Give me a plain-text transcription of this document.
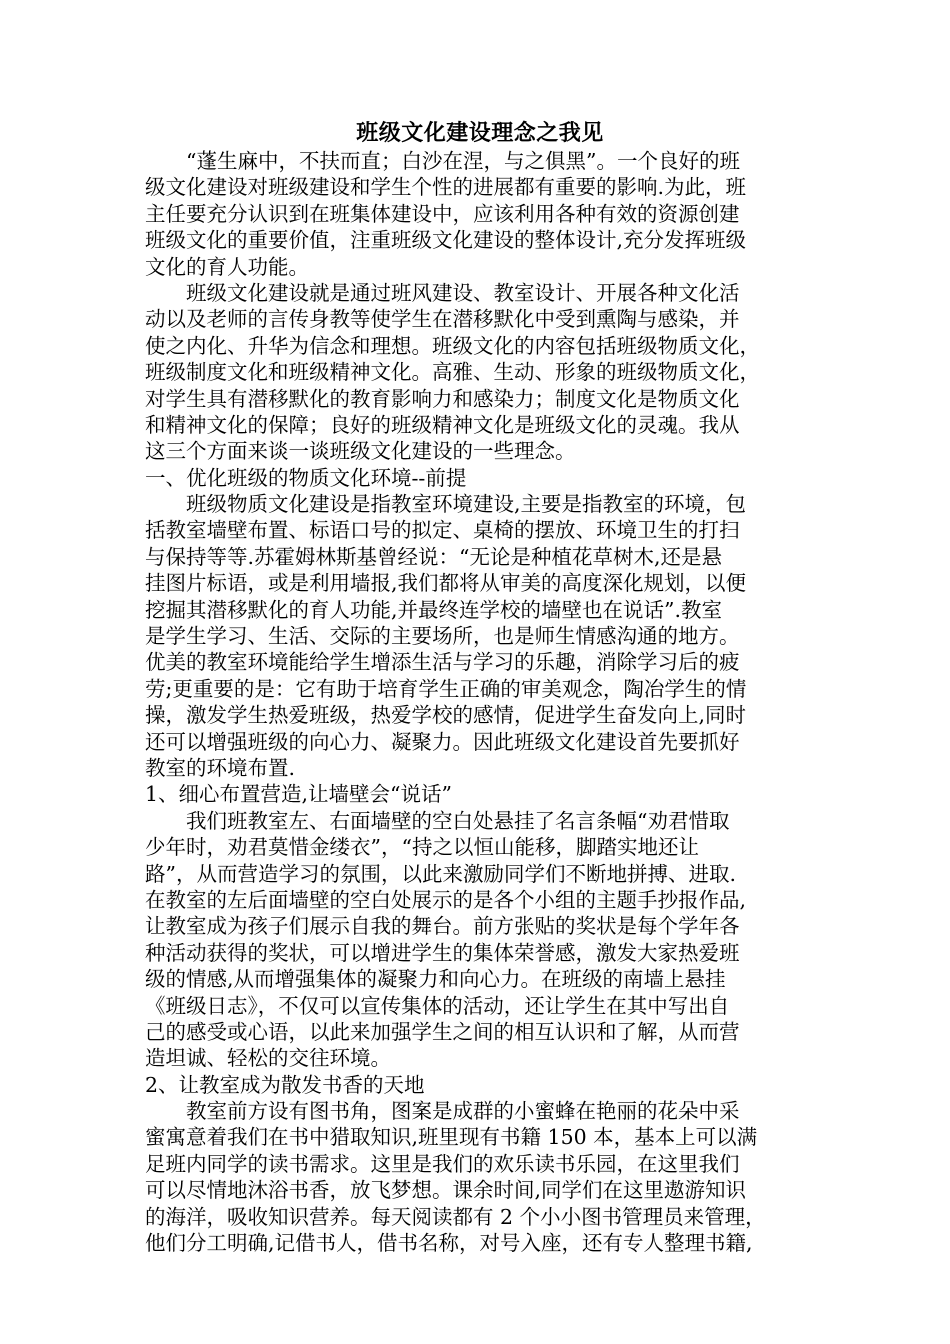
班级文化建设理念之我见

“蓬生麻中，不扶而直；白沙在涅，与之俱黑”。一个良好的班

级文化建设对班级建设和学生个性的进展都有重要的影响.为此，班

主任要充分认识到在班集体建设中，应该利用各种有效的资源创建

班级文化的重要价值，注重班级文化建设的整体设计,充分发挥班级

文化的育人功能。

班级文化建设就是通过班风建设、教室设计、开展各种文化活

动以及老师的言传身教等使学生在潜移默化中受到熏陶与感染，并

使之内化、升华为信念和理想。班级文化的内容包括班级物质文化，

班级制度文化和班级精神文化。高雅、生动、形象的班级物质文化，

对学生具有潜移默化的教育影响力和感染力；制度文化是物质文化

和精神文化的保障；良好的班级精神文化是班级文化的灵魂。我从

这三个方面来谈一谈班级文化建设的一些理念。

一、优化班级的物质文化环境--前提

班级物质文化建设是指教室环境建设,主要是指教室的环境，包

括教室墙壁布置、标语口号的拟定、桌椅的摆放、环境卫生的打扫

与保持等等.苏霍姆林斯基曾经说：“无论是种植花草树木,还是悬

挂图片标语，或是利用墙报,我们都将从审美的高度深化规划，以便

挖掘其潜移默化的育人功能,并最终连学校的墙壁也在说话”.教室

是学生学习、生活、交际的主要场所，也是师生情感沟通的地方。

优美的教室环境能给学生增添生活与学习的乐趣，消除学习后的疲

劳;更重要的是：它有助于培育学生正确的审美观念，陶冶学生的情

操，激发学生热爱班级，热爱学校的感情，促进学生奋发向上,同时

还可以增强班级的向心力、凝聚力。因此班级文化建设首先要抓好

教室的环境布置.

1、细心布置营造,让墙壁会“说话”

我们班教室左、右面墙壁的空白处悬挂了名言条幅“劝君惜取

少年时，劝君莫惜金缕衣”，“持之以恒山能移，脚踏实地还让

路”，从而营造学习的氛围，以此来激励同学们不断地拼搏、进取.

在教室的左后面墙壁的空白处展示的是各个小组的主题手抄报作品,

让教室成为孩子们展示自我的舞台。前方张贴的奖状是每个学年各

种活动获得的奖状，可以增进学生的集体荣誉感，激发大家热爱班

级的情感,从而增强集体的凝聚力和向心力。在班级的南墙上悬挂

《班级日志》，不仅可以宣传集体的活动，还让学生在其中写出自

己的感受或心语，以此来加强学生之间的相互认识和了解，从而营

造坦诚、轻松的交往环境。

2、让教室成为散发书香的天地

教室前方设有图书角，图案是成群的小蜜蜂在艳丽的花朵中采

蜜寓意着我们在书中猎取知识,班里现有书籍 150 本，基本上可以满

足班内同学的读书需求。这里是我们的欢乐读书乐园，在这里我们

可以尽情地沐浴书香，放飞梦想。课余时间,同学们在这里遨游知识

的海洋，吸收知识营养。每天阅读都有 2 个小小图书管理员来管理，

他们分工明确,记借书人，借书名称，对号入座，还有专人整理书籍,
